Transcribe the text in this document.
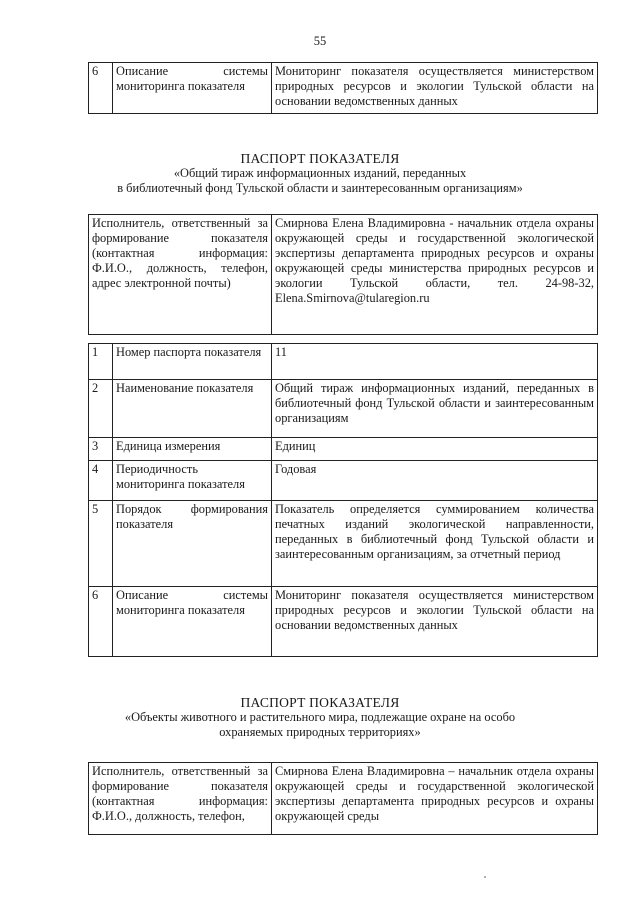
55
6	Описание системы мониторинга показателя	Мониторинг показателя осуществляется министерством природных ресурсов и экологии Тульской области на основании ведомственных данных
ПАСПОРТ ПОКАЗАТЕЛЯ
«Общий тираж информационных изданий, переданных
в библиотечный фонд Тульской области и заинтересованным организациям»
Исполнитель, ответственный за формирование показателя (контактная информация: Ф.И.О., должность, телефон, адрес электронной почты)	Смирнова Елена Владимировна - начальник отдела охраны окружающей среды и государственной экологической экспертизы департамента природных ресурсов и охраны окружающей среды министерства природных ресурсов и экологии Тульской области, тел. 24-98-32, Elena.Smirnova@tularegion.ru
1	Номер паспорта показателя	11
2	Наименование показателя	Общий тираж информационных изданий, переданных в библиотечный фонд Тульской области и заинтересованным организациям
3	Единица измерения	Единиц
4	Периодичность мониторинга показателя	Годовая
5	Порядок формирования показателя	Показатель определяется суммированием количества печатных изданий экологической направленности, переданных в библиотечный фонд Тульской области и заинтересованным организациям, за отчетный период
6	Описание системы мониторинга показателя	Мониторинг показателя осуществляется министерством природных ресурсов и экологии Тульской области на основании ведомственных данных
ПАСПОРТ ПОКАЗАТЕЛЯ
«Объекты животного и растительного мира, подлежащие охране на особо
охраняемых природных территориях»
Исполнитель, ответственный за формирование показателя (контактная информация: Ф.И.О., должность, телефон,	Смирнова Елена Владимировна – начальник отдела охраны окружающей среды и государственной экологической экспертизы департамента природных ресурсов и охраны окружающей среды
